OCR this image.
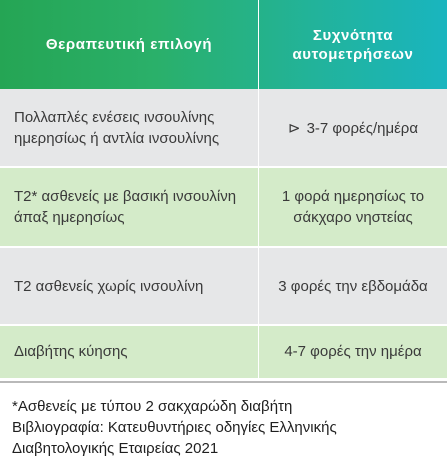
Θεραπευτική επιλογή
Συχνότητα αυτομετρήσεων
Πολλαπλές ενέσεις ινσουλίνης ημερησίως ή αντλία ινσουλίνης
⊳ 3-7 φορές/ημέρα
Τ2* ασθενείς με βασική ινσουλίνη άπαξ ημερησίως
1 φορά ημερησίως το σάκχαρο νηστείας
Τ2 ασθενείς χωρίς ινσουλίνη	3 φορές την εβδομάδα
Διαβήτης κύησης	4-7 φορές την ημέρα
*Ασθενείς με τύπου 2 σακχαρώδη διαβήτη
Βιβλιογραφία: Κατευθυντήριες οδηγίες Ελληνικής
Διαβητολογικής Εταιρείας 2021
